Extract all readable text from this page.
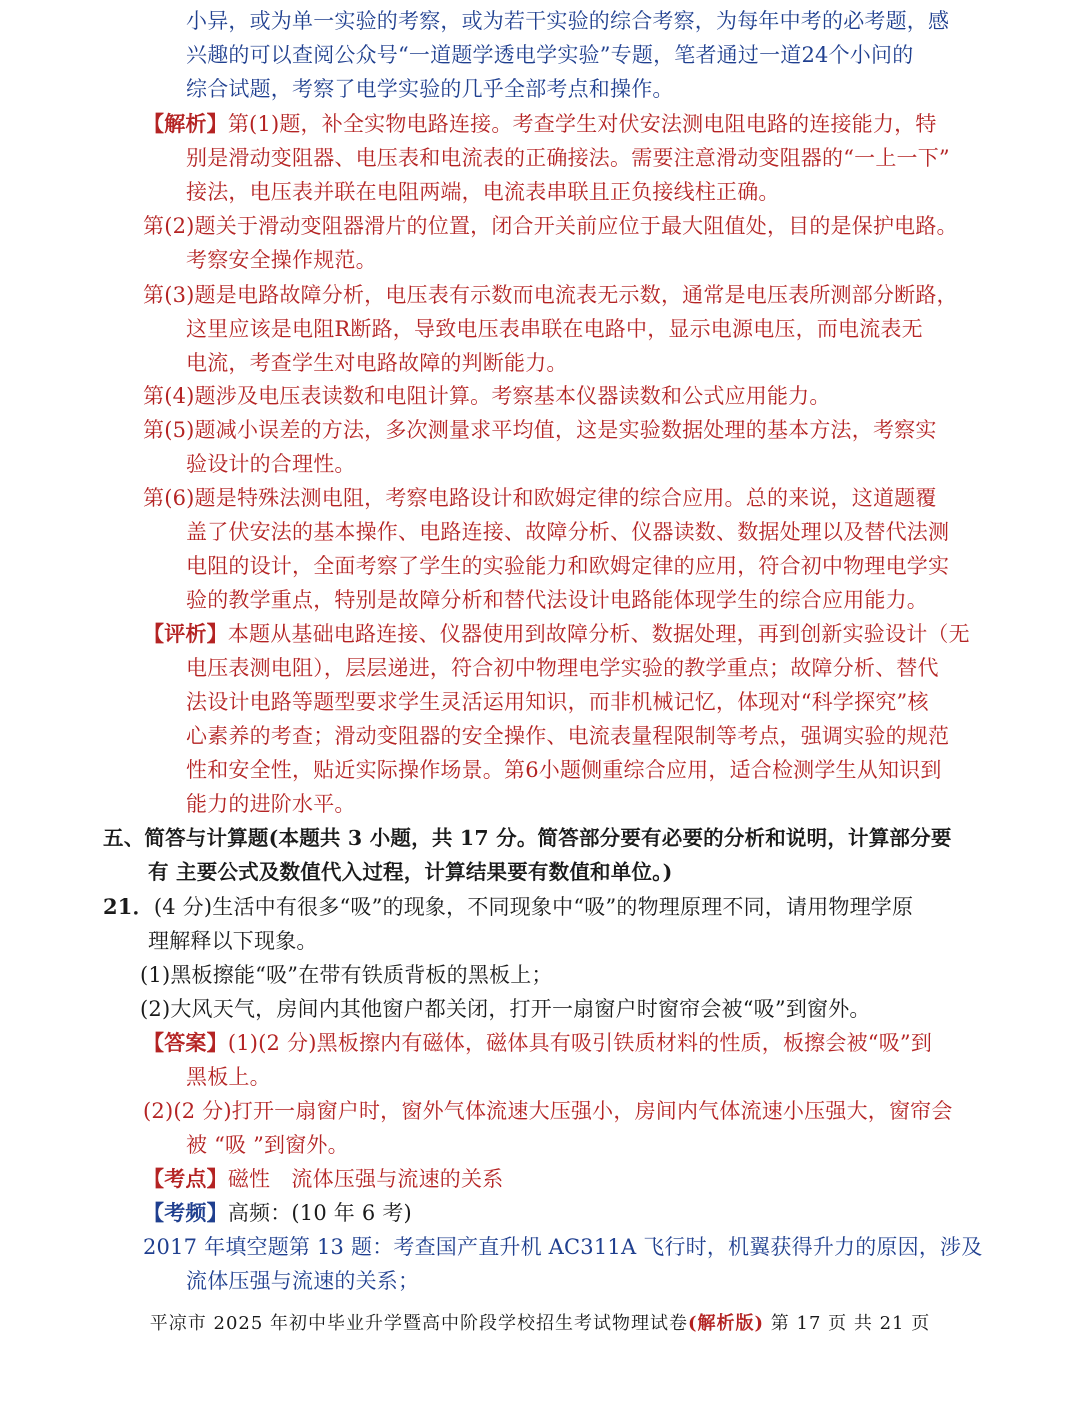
小异，或为单一实验的考察，或为若干实验的综合考察，为每年中考的必考题，感
兴趣的可以查阅公众号“一道题学透电学实验”专题，笔者通过一道24个小问的
综合试题，考察了电学实验的几乎全部考点和操作。
【解析】第(1)题，补全实物电路连接。考查学生对伏安法测电阻电路的连接能力，特
别是滑动变阻器、电压表和电流表的正确接法。需要注意滑动变阻器的“一上一下”
接法，电压表并联在电阻两端，电流表串联且正负接线柱正确。
第(2)题关于滑动变阻器滑片的位置，闭合开关前应位于最大阻值处，目的是保护电路。
考察安全操作规范。
第(3)题是电路故障分析，电压表有示数而电流表无示数，通常是电压表所测部分断路，
这里应该是电阻R断路，导致电压表串联在电路中，显示电源电压，而电流表无
电流，考查学生对电路故障的判断能力。
第(4)题涉及电压表读数和电阻计算。考察基本仪器读数和公式应用能力。
第(5)题减小误差的方法，多次测量求平均值，这是实验数据处理的基本方法，考察实
验设计的合理性。
第(6)题是特殊法测电阻，考察电路设计和欧姆定律的综合应用。总的来说，这道题覆
盖了伏安法的基本操作、电路连接、故障分析、仪器读数、数据处理以及替代法测
电阻的设计，全面考察了学生的实验能力和欧姆定律的应用，符合初中物理电学实
验的教学重点，特别是故障分析和替代法设计电路能体现学生的综合应用能力。
【评析】本题从基础电路连接、仪器使用到故障分析、数据处理，再到创新实验设计（无
电压表测电阻），层层递进，符合初中物理电学实验的教学重点；故障分析、替代
法设计电路等题型要求学生灵活运用知识，而非机械记忆，体现对“科学探究”核
心素养的考查；滑动变阻器的安全操作、电流表量程限制等考点，强调实验的规范
性和安全性，贴近实际操作场景。第6小题侧重综合应用，适合检测学生从知识到
能力的进阶水平。
五、简答与计算题(本题共 3 小题，共 17 分。简答部分要有必要的分析和说明，计算部分要
有 主要公式及数值代入过程，计算结果要有数值和单位。)
21．(4 分)生活中有很多“吸”的现象，不同现象中“吸”的物理原理不同，请用物理学原
理解释以下现象。
(1)黑板擦能“吸”在带有铁质背板的黑板上；
(2)大风天气，房间内其他窗户都关闭，打开一扇窗户时窗帘会被“吸”到窗外。
【答案】(1)(2 分)黑板擦内有磁体，磁体具有吸引铁质材料的性质，板擦会被“吸”到
黑板上。
(2)(2 分)打开一扇窗户时，窗外气体流速大压强小，房间内气体流速小压强大，窗帘会
被 “吸 ”到窗外。
【考点】磁性　流体压强与流速的关系
【考频】高频：(10 年 6 考)
2017 年填空题第 13 题：考查国产直升机 AC311A 飞行时，机翼获得升力的原因，涉及
流体压强与流速的关系；
平凉市 2025 年初中毕业升学暨高中阶段学校招生考试物理试卷(解析版) 第 17 页 共 21 页
